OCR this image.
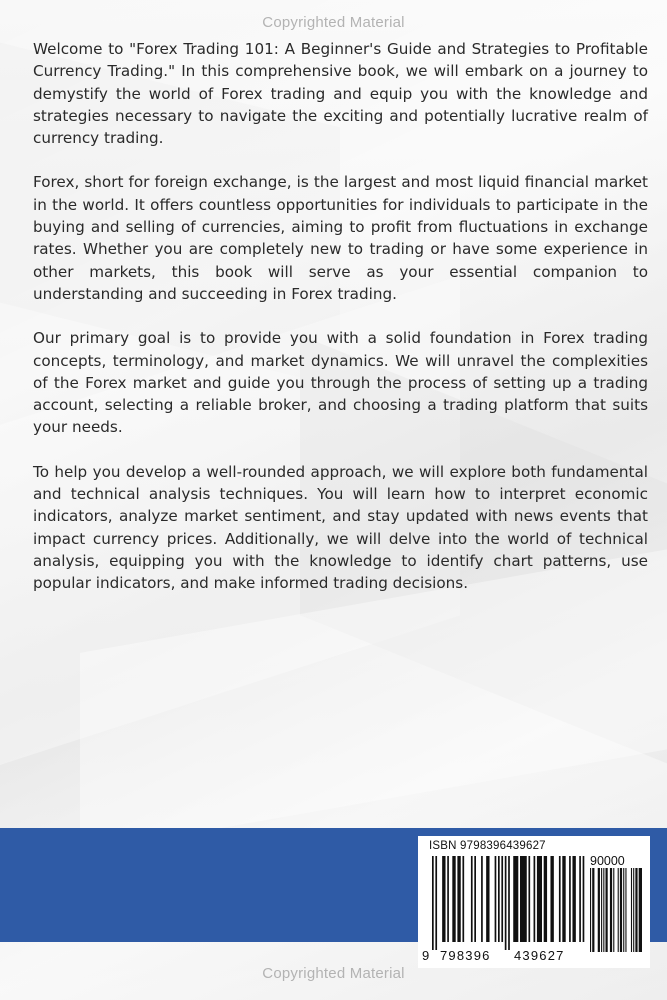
Copyrighted Material

Welcome to "Forex Trading 101: A Beginner's Guide and Strategies to Profitable Currency Trading." In this comprehensive book, we will embark on a journey to demystify the world of Forex trading and equip you with the knowledge and strategies necessary to navigate the exciting and potentially lucrative realm of currency trading.

Forex, short for foreign exchange, is the largest and most liquid financial market in the world. It offers countless opportunities for individuals to participate in the buying and selling of currencies, aiming to profit from fluctuations in exchange rates. Whether you are completely new to trading or have some experience in other markets, this book will serve as your essential companion to understanding and succeeding in Forex trading.

Our primary goal is to provide you with a solid foundation in Forex trading concepts, terminology, and market dynamics. We will unravel the complexities of the Forex market and guide you through the process of setting up a trading account, selecting a reliable broker, and choosing a trading platform that suits your needs.

To help you develop a well-rounded approach, we will explore both fundamental and technical analysis techniques. You will learn how to interpret economic indicators, analyze market sentiment, and stay updated with news events that impact currency prices. Additionally, we will delve into the world of technical analysis, equipping you with the knowledge to identify chart patterns, use popular indicators, and make informed trading decisions.

ISBN 9798396439627
90000
9 798396 439627
Copyrighted Material
